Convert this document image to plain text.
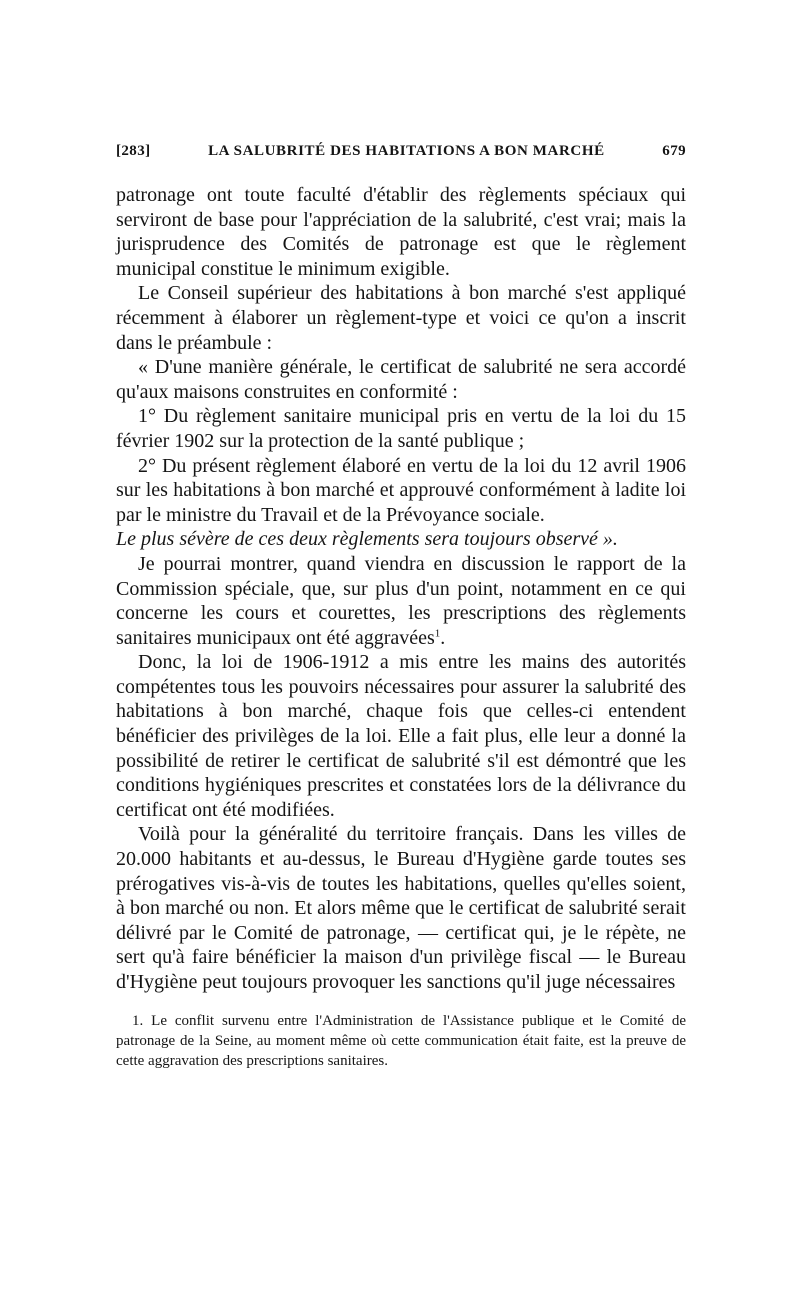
[283]	LA SALUBRITÉ DES HABITATIONS A BON MARCHÉ	679

patronage ont toute faculté d'établir des règlements spéciaux qui serviront de base pour l'appréciation de la salubrité, c'est vrai; mais la jurisprudence des Comités de patronage est que le règlement municipal constitue le minimum exigible.

Le Conseil supérieur des habitations à bon marché s'est appliqué récemment à élaborer un règlement-type et voici ce qu'on a inscrit dans le préambule :

« D'une manière générale, le certificat de salubrité ne sera accordé qu'aux maisons construites en conformité :

1° Du règlement sanitaire municipal pris en vertu de la loi du 15 février 1902 sur la protection de la santé publique ;

2° Du présent règlement élaboré en vertu de la loi du 12 avril 1906 sur les habitations à bon marché et approuvé conformément à ladite loi par le ministre du Travail et de la Prévoyance sociale.

Le plus sévère de ces deux règlements sera toujours observé ».

Je pourrai montrer, quand viendra en discussion le rapport de la Commission spéciale, que, sur plus d'un point, notamment en ce qui concerne les cours et courettes, les prescriptions des règlements sanitaires municipaux ont été aggravées$^1$.

Donc, la loi de 1906-1912 a mis entre les mains des autorités compétentes tous les pouvoirs nécessaires pour assurer la salubrité des habitations à bon marché, chaque fois que celles-ci entendent bénéficier des privilèges de la loi. Elle a fait plus, elle leur a donné la possibilité de retirer le certificat de salubrité s'il est démontré que les conditions hygiéniques prescrites et constatées lors de la délivrance du certificat ont été modifiées.

Voilà pour la généralité du territoire français. Dans les villes de 20.000 habitants et au-dessus, le Bureau d'Hygiène garde toutes ses prérogatives vis-à-vis de toutes les habitations, quelles qu'elles soient, à bon marché ou non. Et alors même que le certificat de salubrité serait délivré par le Comité de patronage, — certificat qui, je le répète, ne sert qu'à faire bénéficier la maison d'un privilège fiscal — le Bureau d'Hygiène peut toujours provoquer les sanctions qu'il juge nécessaires

1. Le conflit survenu entre l'Administration de l'Assistance publique et le Comité de patronage de la Seine, au moment même où cette communication était faite, est la preuve de cette aggravation des prescriptions sanitaires.
